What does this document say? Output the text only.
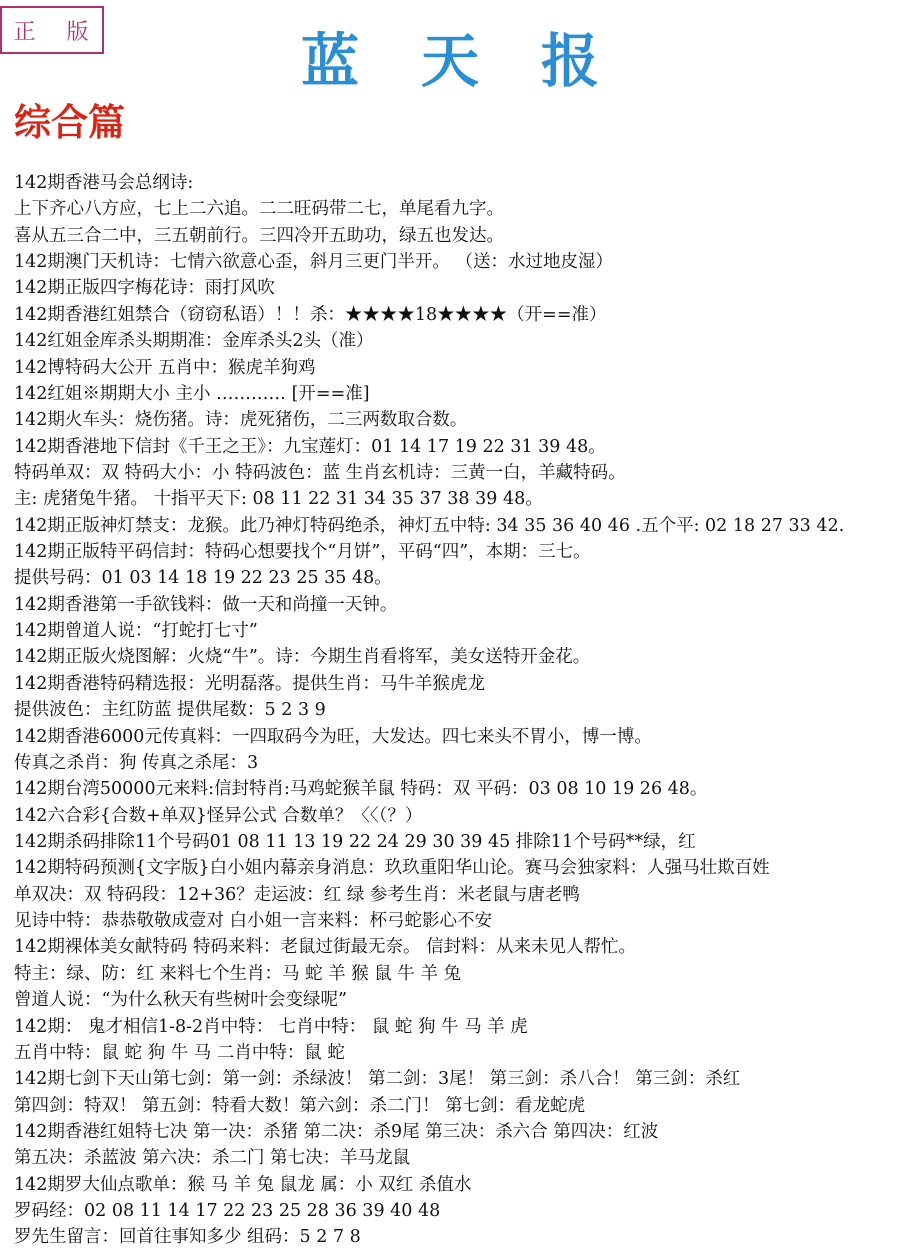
正 版	蓝天报
综合篇
142期香港马会总纲诗:
上下齐心八方应，七上二六追。二二旺码带二七，单尾看九字。
喜从五三合二中，三五朝前行。三四冷开五助功，绿五也发达。
142期澳门天机诗：七情六欲意心歪，斜月三更门半开。 （送：水过地皮湿）
142期正版四字梅花诗：雨打风吹
142期香港红姐禁合（窃窃私语）！！杀：★★★★18★★★★（开==准）
142红姐金库杀头期期准：金库杀头2头（准）
142博特码大公开 五肖中：猴虎羊狗鸡
142红姐※期期大小 主小 ………… [开==准]
142期火车头：烧伤猪。诗：虎死猪伤，二三两数取合数。
142期香港地下信封《千王之王》：九宝莲灯：01 14 17 19 22 31 39 48。
特码单双：双 特码大小：小 特码波色：蓝 生肖玄机诗：三黄一白，羊藏特码。
主: 虎猪兔牛猪。 十指平天下: 08 11 22 31 34 35 37 38 39 48。
142期正版神灯禁支：龙猴。此乃神灯特码绝杀，神灯五中特: 34 35 36 40 46 .五个平: 02 18 27 33 42.
142期正版特平码信封：特码心想要找个“月饼”，平码“四”，本期：三七。
提供号码：01 03 14 18 19 22 23 25 35 48。
142期香港第一手欲钱料：做一天和尚撞一天钟。
142期曾道人说：“打蛇打七寸”
142期正版火烧图解：火烧“牛”。诗：今期生肖看将军，美女送特开金花。
142期香港特码精选报：光明磊落。提供生肖：马牛羊猴虎龙
提供波色：主红防蓝 提供尾数：5 2 3 9
142期香港6000元传真料：一四取码今为旺，大发达。四七来头不胃小，博一博。
传真之杀肖：狗 传真之杀尾：3
142期台湾50000元来料:信封特肖:马鸡蛇猴羊鼠 特码：双 平码：03 08 10 19 26 48。
142六合彩{合数+单双}怪异公式 合数单？〈〈（？）
142期杀码排除11个号码01 08 11 13 19 22 24 29 30 39 45 排除11个号码**绿，红
142期特码预测{文字版}白小姐内幕亲身消息：玖玖重阳华山论。赛马会独家料：人强马壮欺百姓
单双决：双 特码段：12+36？走运波：红 绿 参考生肖：米老鼠与唐老鸭
见诗中特：恭恭敬敬成壹对 白小姐一言来料：杯弓蛇影心不安
142期裸体美女献特码 特码来料：老鼠过街最无奈。 信封料：从来未见人帮忙。
特主：绿、防：红 来料七个生肖：马 蛇 羊 猴 鼠 牛 羊 兔
曾道人说：“为什么秋天有些树叶会变绿呢”
142期： 鬼才相信1-8-2肖中特： 七肖中特： 鼠 蛇 狗 牛 马 羊 虎
五肖中特：鼠 蛇 狗 牛 马 二肖中特：鼠 蛇
142期七剑下天山第七剑：第一剑：杀绿波！ 第二剑：3尾！ 第三剑：杀八合！ 第三剑：杀红
第四剑：特双！ 第五剑：特看大数！第六剑：杀二门！ 第七剑：看龙蛇虎
142期香港红姐特七决 第一决：杀猪 第二决：杀9尾 第三决：杀六合 第四决：红波
第五决：杀蓝波 第六决：杀二门 第七决：羊马龙鼠
142期罗大仙点歌单：猴 马 羊 兔 鼠龙 属：小 双红 杀值水
罗码经：02 08 11 14 17 22 23 25 28 36 39 40 48
罗先生留言：回首往事知多少 组码：5 2 7 8
